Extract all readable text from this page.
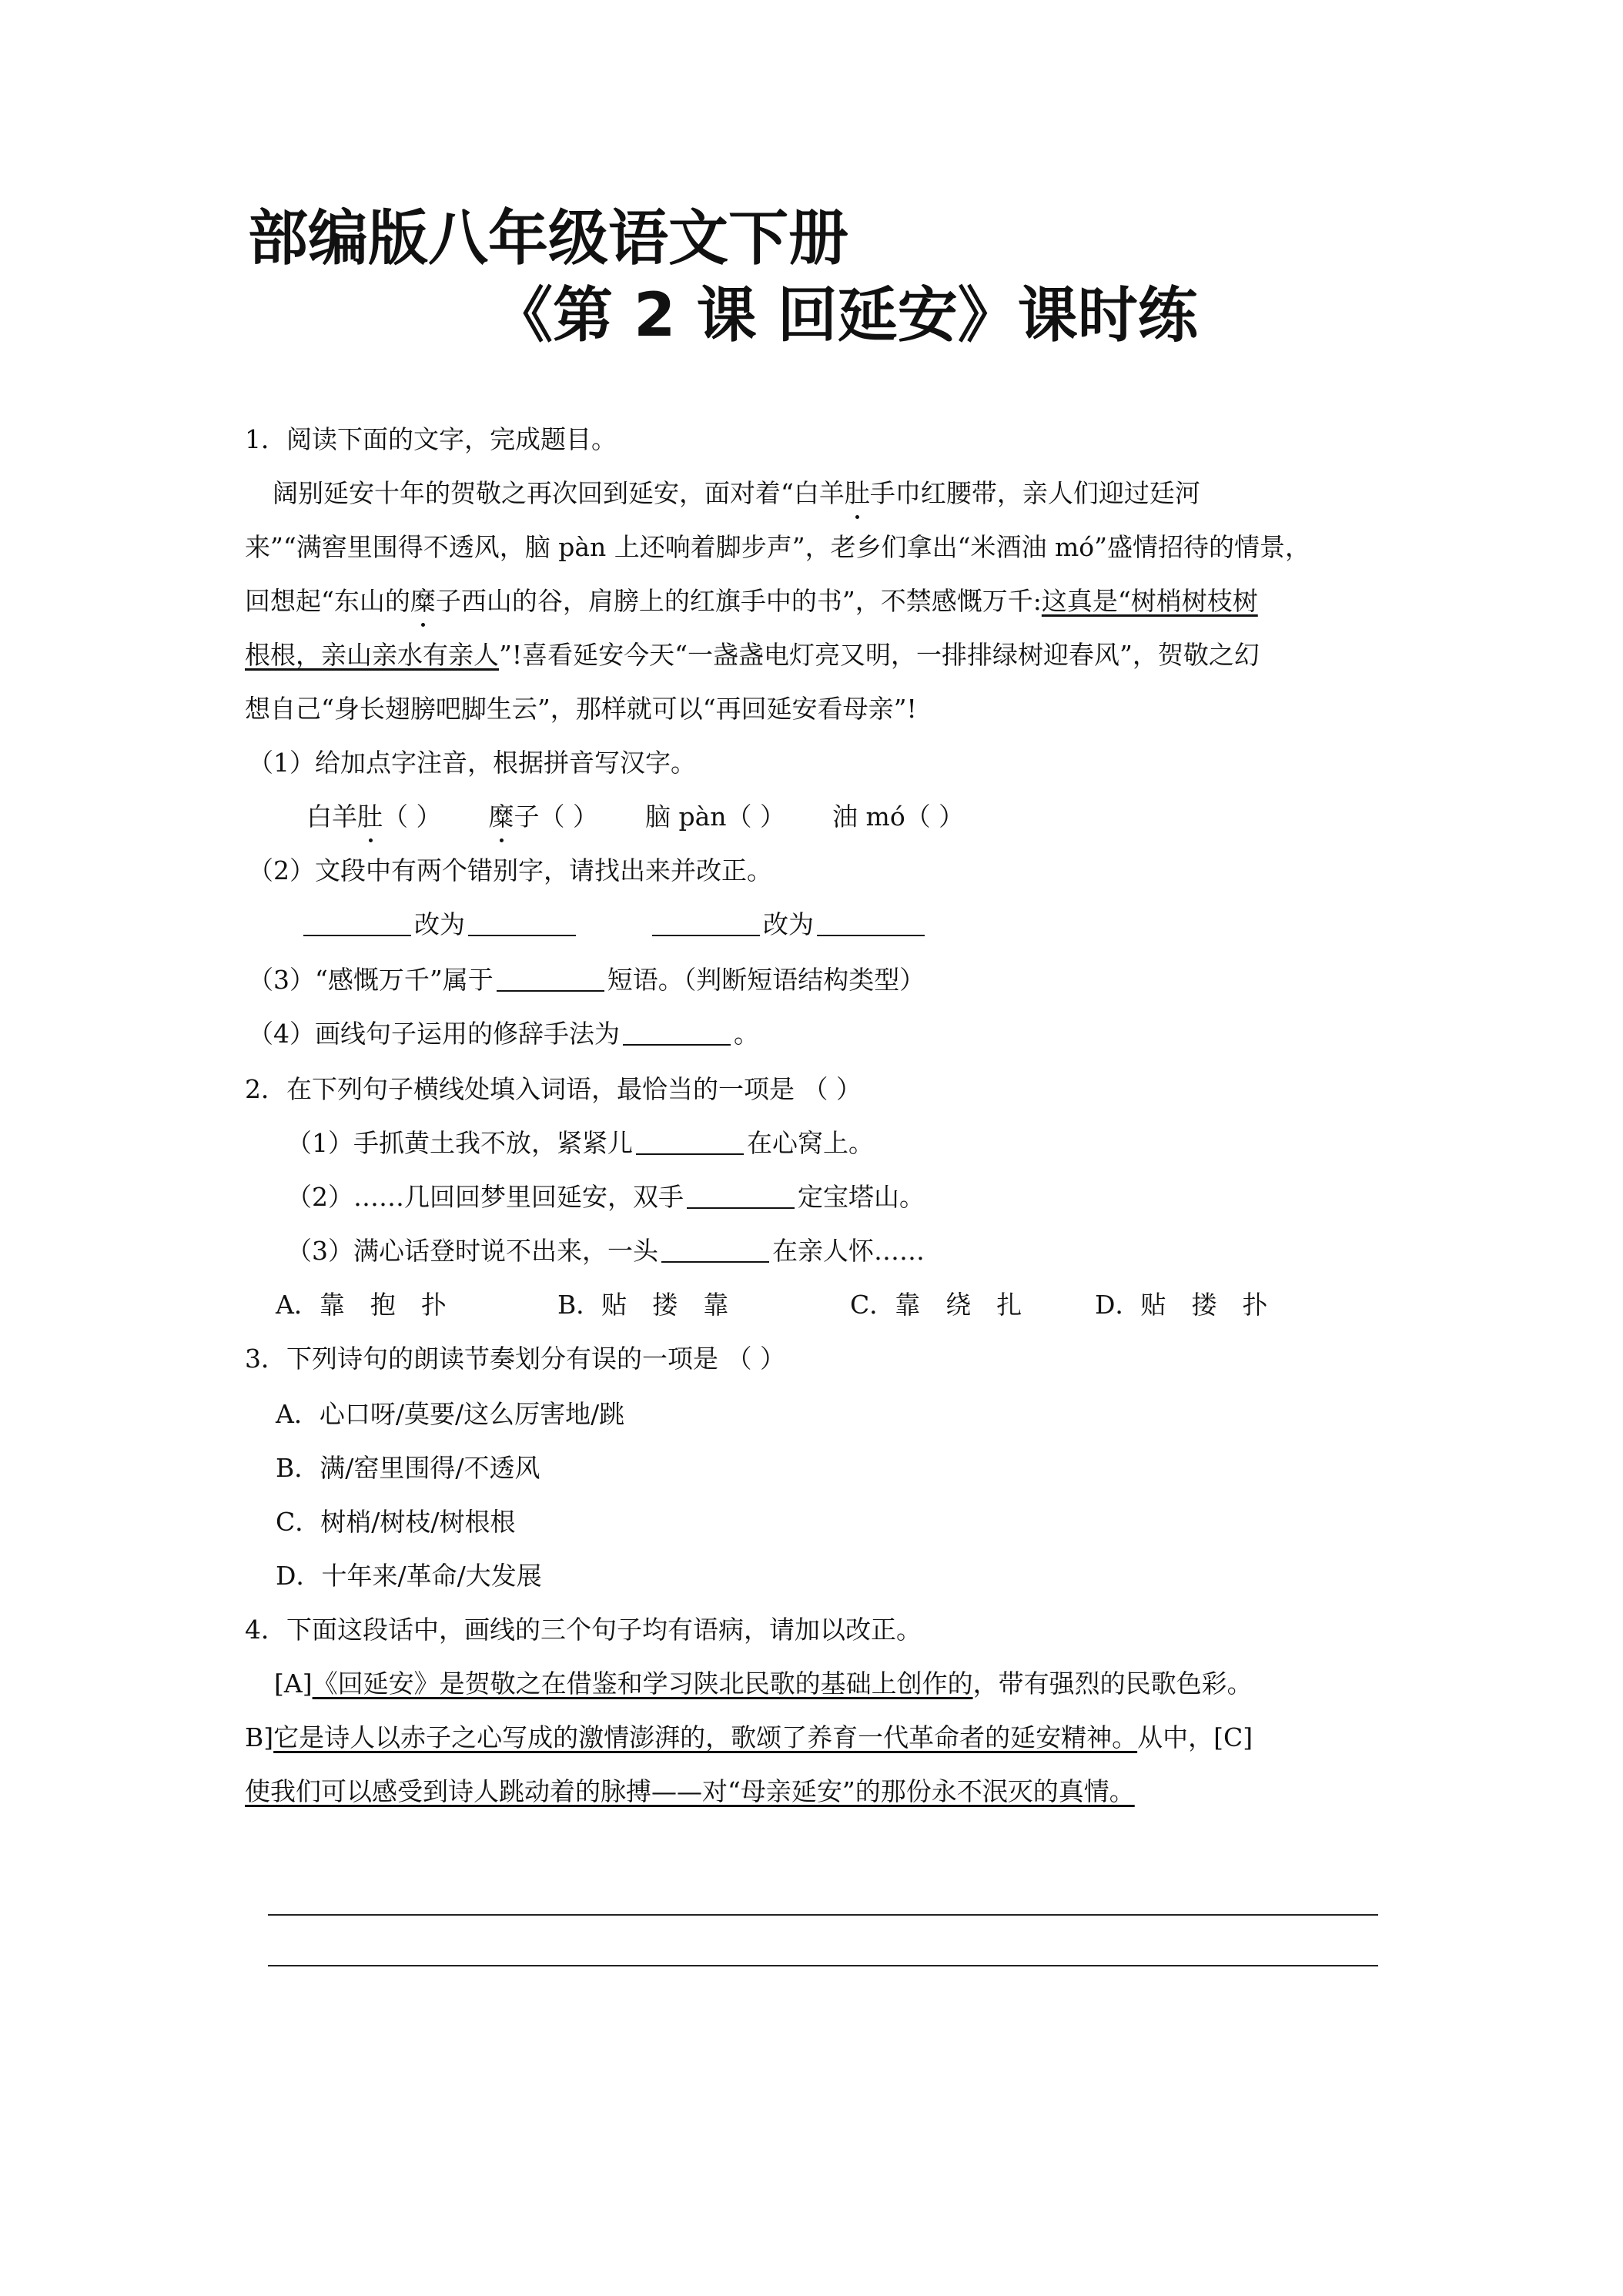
部编版八年级语文下册
《第 2 课 回延安》课时练
1．阅读下面的文字，完成题目。
阔别延安十年的贺敬之再次回到延安，面对着“白羊肚手巾红腰带，亲人们迎过廷河
来”“满窖里围得不透风，脑 pàn 上还响着脚步声”，老乡们拿出“米酒油 mó”盛情招待的情景，
回想起“东山的糜子西山的谷，肩膀上的红旗手中的书”，不禁感慨万千:这真是“树梢树枝树
根根，亲山亲水有亲人”!喜看延安今天“一盏盏电灯亮又明，一排排绿树迎春风”，贺敬之幻
想自己“身长翅膀吧脚生云”，那样就可以“再回延安看母亲”!
（1）给加点字注音，根据拼音写汉字。
白羊肚（ ） 糜子（ ） 脑 pàn（ ） 油 mó（ ）
（2）文段中有两个错别字，请找出来并改正。
改为	改为
（3）“感慨万千”属于	短语。（判断短语结构类型）
（4）画线句子运用的修辞手法为	。
2．在下列句子横线处填入词语，最恰当的一项是 （ ）
（1）手抓黄土我不放，紧紧儿	在心窝上。
（2）……几回回梦里回延安，双手	定宝塔山。
（3）满心话登时说不出来，一头	在亲人怀……
A．靠　抱　扑	B．贴　搂　靠	C．靠　绕　扎	D．贴　搂　扑
3．下列诗句的朗读节奏划分有误的一项是 （ ）
A．心口呀/莫要/这么厉害地/跳
B．满/窑里围得/不透风
C．树梢/树枝/树根根
D．十年来/革命/大发展
4．下面这段话中，画线的三个句子均有语病，请加以改正。
[A]《回延安》是贺敬之在借鉴和学习陕北民歌的基础上创作的，带有强烈的民歌色彩。
B]它是诗人以赤子之心写成的激情澎湃的，歌颂了养育一代革命者的延安精神。从中，[C]
使我们可以感受到诗人跳动着的脉搏——对“母亲延安”的那份永不泯灭的真情。
